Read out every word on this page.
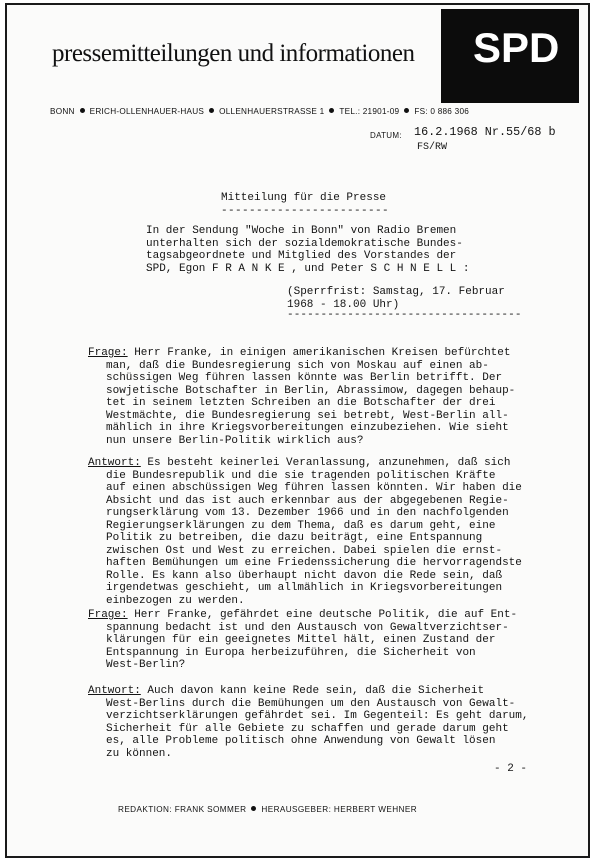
pressemitteilungen und informationen SPD
BONN ERICH-OLLENHAUER-HAUS OLLENHAUERSTRASSE 1 TEL.: 21901-09 FS: 0 886 306
DATUM: 16.2.1968 Nr.55/68 b
FS/RW
Mitteilung für die Presse
------------------------
In der Sendung "Woche in Bonn" von Radio Bremen
unterhalten sich der sozialdemokratische Bundes-
tagsabgeordnete und Mitglied des Vorstandes der
SPD, Egon F R A N K E , und Peter S C H N E L L :
(Sperrfrist: Samstag, 17. Februar
1968 - 18.00 Uhr)
-----------------------------------
Frage: Herr Franke, in einigen amerikanischen Kreisen befürchtet
man, daß die Bundesregierung sich von Moskau auf einen ab-
schüssigen Weg führen lassen könnte was Berlin betrifft. Der
sowjetische Botschafter in Berlin, Abrassimow, dagegen behaup-
tet in seinem letzten Schreiben an die Botschafter der drei
Westmächte, die Bundesregierung sei betrebt, West-Berlin all-
mählich in ihre Kriegsvorbereitungen einzubeziehen. Wie sieht
nun unsere Berlin-Politik wirklich aus?
Antwort: Es besteht keinerlei Veranlassung, anzunehmen, daß sich
die Bundesrepublik und die sie tragenden politischen Kräfte
auf einen abschüssigen Weg führen lassen könnten. Wir haben die
Absicht und das ist auch erkennbar aus der abgegebenen Regie-
rungserklärung vom 13. Dezember 1966 und in den nachfolgenden
Regierungserklärungen zu dem Thema, daß es darum geht, eine
Politik zu betreiben, die dazu beiträgt, eine Entspannung
zwischen Ost und West zu erreichen. Dabei spielen die ernst-
haften Bemühungen um eine Friedenssicherung die hervorragendste
Rolle. Es kann also überhaupt nicht davon die Rede sein, daß
irgendetwas geschieht, um allmählich in Kriegsvorbereitungen
einbezogen zu werden.
Frage: Herr Franke, gefährdet eine deutsche Politik, die auf Ent-
spannung bedacht ist und den Austausch von Gewaltverzichtser-
klärungen für ein geeignetes Mittel hält, einen Zustand der
Entspannung in Europa herbeizuführen, die Sicherheit von
West-Berlin?
Antwort: Auch davon kann keine Rede sein, daß die Sicherheit
West-Berlins durch die Bemühungen um den Austausch von Gewalt-
verzichtserklärungen gefährdet sei. Im Gegenteil: Es geht darum,
Sicherheit für alle Gebiete zu schaffen und gerade darum geht
es, alle Probleme politisch ohne Anwendung von Gewalt lösen
zu können.
- 2 -
REDAKTION: FRANK SOMMER HERAUSGEBER: HERBERT WEHNER
